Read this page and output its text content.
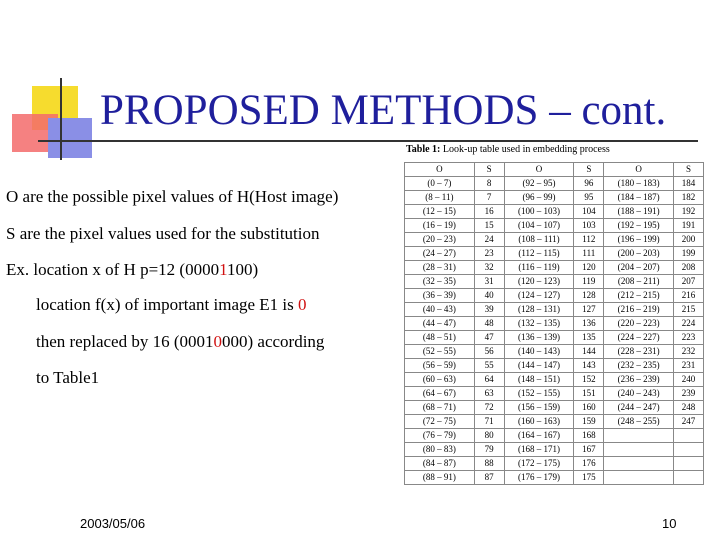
PROPOSED METHODS – cont.
O are the possible pixel values of H(Host image)
S are the pixel values used for the substitution
Ex. location x of H p=12 (00001100)
location f(x) of important image E1 is 0
then replaced by 16 (00010000) according
to Table1
Table 1: Look-up table used in embedding process
O	S	O	S	O	S
(0 – 7)	8	(92 – 95)	96	(180 – 183)	184
(8 – 11)	7	(96 – 99)	95	(184 – 187)	182
(12 – 15)	16	(100 – 103)	104	(188 – 191)	192
(16 – 19)	15	(104 – 107)	103	(192 – 195)	191
(20 – 23)	24	(108 – 111)	112	(196 – 199)	200
(24 – 27)	23	(112 – 115)	111	(200 – 203)	199
(28 – 31)	32	(116 – 119)	120	(204 – 207)	208
(32 – 35)	31	(120 – 123)	119	(208 – 211)	207
(36 – 39)	40	(124 – 127)	128	(212 – 215)	216
(40 – 43)	39	(128 – 131)	127	(216 – 219)	215
(44 – 47)	48	(132 – 135)	136	(220 – 223)	224
(48 – 51)	47	(136 – 139)	135	(224 – 227)	223
(52 – 55)	56	(140 – 143)	144	(228 – 231)	232
(56 – 59)	55	(144 – 147)	143	(232 – 235)	231
(60 – 63)	64	(148 – 151)	152	(236 – 239)	240
(64 – 67)	63	(152 – 155)	151	(240 – 243)	239
(68 – 71)	72	(156 – 159)	160	(244 – 247)	248
(72 – 75)	71	(160 – 163)	159	(248 – 255)	247
(76 – 79)	80	(164 – 167)	168		
(80 – 83)	79	(168 – 171)	167		
(84 – 87)	88	(172 – 175)	176		
(88 – 91)	87	(176 – 179)	175		
2003/05/06	10
